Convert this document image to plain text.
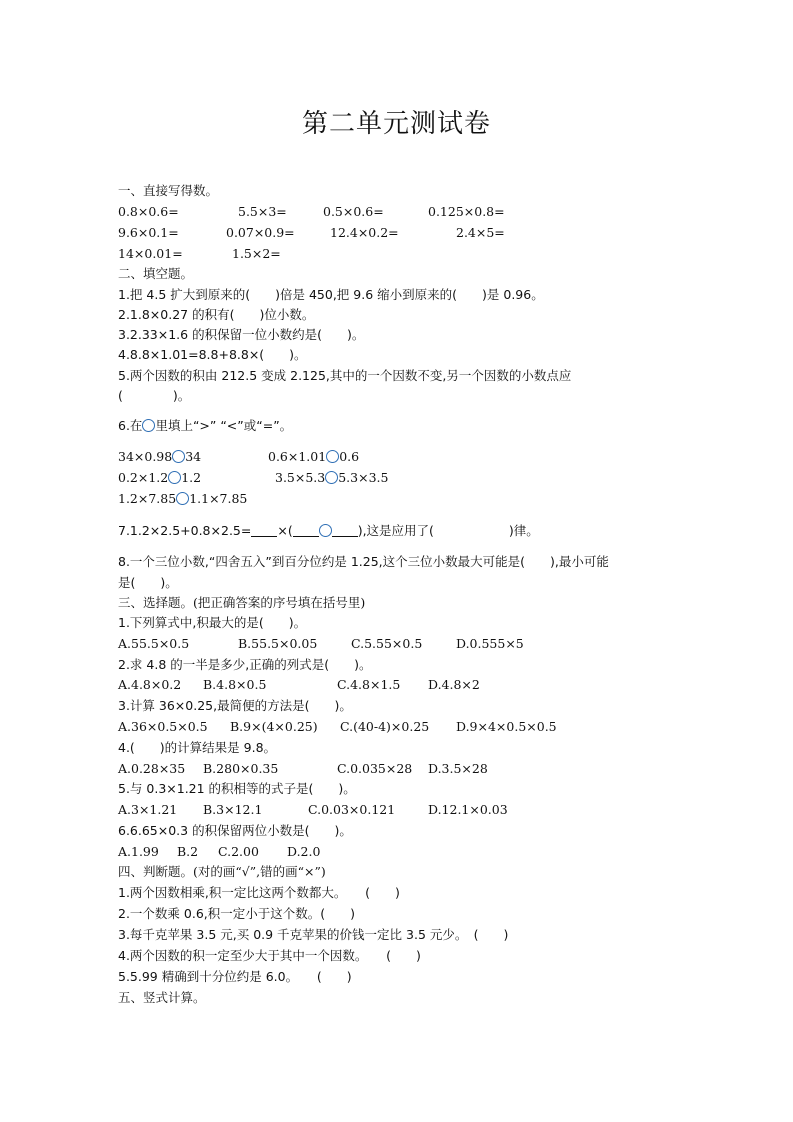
第二单元测试卷
一、直接写得数。
0.8×0.6=	5.5×3=	0.5×0.6=	0.125×0.8=
9.6×0.1=	0.07×0.9=	12.4×0.2=	2.4×5=
14×0.01=	1.5×2=
二、填空题。
1.把 4.5 扩大到原来的(　　)倍是 450,把 9.6 缩小到原来的(　　)是 0.96。
2.1.8×0.27 的积有(　　)位小数。
3.2.33×1.6 的积保留一位小数约是(　　)。
4.8.8×1.01=8.8+8.8×(　　)。
5.两个因数的积由 212.5 变成 2.125,其中的一个因数不变,另一个因数的小数点应
(　　　　)。
6.在 里填上“>” “<”或“=”。
34×0.98 34	0.6×1.01 0.6
0.2×1.2 1.2	3.5×5.3 5.3×3.5
1.2×7.85 1.1×7.85
7.1.2×2.5+0.8×2.5= ×(	),这是应用了(　　　　　　)律。
8.一个三位小数,“四舍五入”到百分位约是 1.25,这个三位小数最大可能是(　　),最小可能
是(　　)。
三、选择题。(把正确答案的序号填在括号里)
1.下列算式中,积最大的是(　　)。
A.55.5×0.5	B.55.5×0.05	C.5.55×0.5	D.0.555×5
2.求 4.8 的一半是多少,正确的列式是(　　)。
A.4.8×0.2 B.4.8×0.5	C.4.8×1.5 D.4.8×2
3.计算 36×0.25,最简便的方法是(　　)。
A.36×0.5×0.5 B.9×(4×0.25) C.(40-4)×0.25 D.9×4×0.5×0.5
4.(　　)的计算结果是 9.8。
A.0.28×35 B.280×0.35	C.0.035×28 D.3.5×28
5.与 0.3×1.21 的积相等的式子是(　　)。
A.3×1.21 B.3×12.1	C.0.03×0.121	D.12.1×0.03
6.6.65×0.3 的积保留两位小数是(　　)。
A.1.99 B.2 C.2.00 D.2.0
四、判断题。(对的画“√”,错的画“×”)
1.两个因数相乘,积一定比这两个数都大。　　(　　)
2.一个数乘 0.6,积一定小于这个数。(　　)
3.每千克苹果 3.5 元,买 0.9 千克苹果的价钱一定比 3.5 元少。　(　　)
4.两个因数的积一定至少大于其中一个因数。　　(　　)
5.5.99 精确到十分位约是 6.0。　　(　　)
五、竖式计算。
